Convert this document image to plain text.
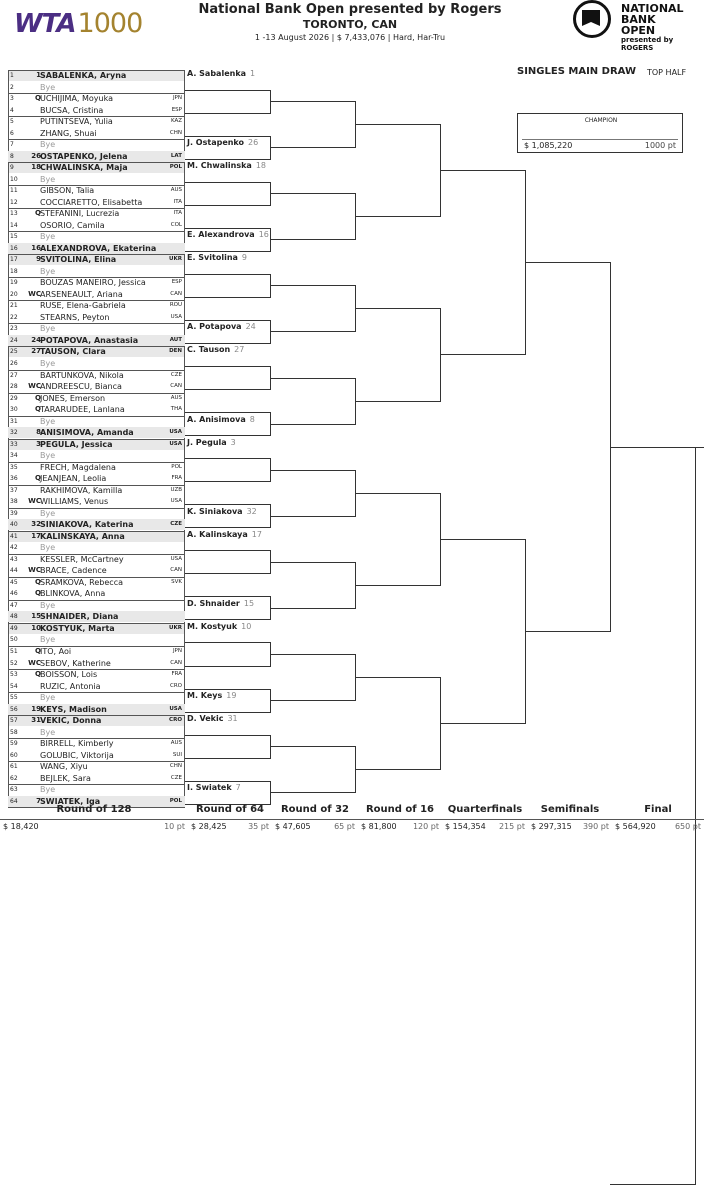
WTA1000	National Bank Open presented by Rogers
TORONTO, CAN
1 -13 August 2026 | $ 7,433,076 | Hard, Har-Tru
NATIONAL
BANK
OPEN
presented by ROGERS
SINGLES MAIN DRAW TOP HALF
CHAMPION
$ 1,085,220	1000 pt
1	1 SABALENKA, Aryna
2	Bye
3	Q UCHIJIMA, Moyuka	JPN
4	BUCSA, Cristina	ESP
5	PUTINTSEVA, Yulia	KAZ
6	ZHANG, Shuai	CHN
7	Bye
8	26 OSTAPENKO, Jelena	LAT
9	18 CHWALINSKA, Maja	POL
10	Bye
11	GIBSON, Talia	AUS
12	COCCIARETTO, Elisabetta	ITA
13	Q STEFANINI, Lucrezia	ITA
14	OSORIO, Camila	COL
15	Bye
16	16 ALEXANDROVA, Ekaterina
17	9 SVITOLINA, Elina	UKR
18	Bye
19	BOUZAS MANEIRO, Jessica	ESP
20	WC ARSENEAULT, Ariana	CAN
21	RUSE, Elena-Gabriela	ROU
22	STEARNS, Peyton	USA
23	Bye
24	24 POTAPOVA, Anastasia	AUT
25	27 TAUSON, Clara	DEN
26	Bye
27	BARTUNKOVA, Nikola	CZE
28	WC ANDREESCU, Bianca	CAN
29	Q JONES, Emerson	AUS
30	Q TARARUDEE, Lanlana	THA
31	Bye
32	8 ANISIMOVA, Amanda	USA
33	3 PEGULA, Jessica	USA
34	Bye
35	FRECH, Magdalena	POL
36	Q JEANJEAN, Leolia	FRA
37	RAKHIMOVA, Kamilla	UZB
38	WC WILLIAMS, Venus	USA
39	Bye
40	32 SINIAKOVA, Katerina	CZE
41	17 KALINSKAYA, Anna
42	Bye
43	KESSLER, McCartney	USA
44	WC BRACE, Cadence	CAN
45	Q SRAMKOVA, Rebecca	SVK
46	Q BLINKOVA, Anna
47	Bye
48	15 SHNAIDER, Diana
49	10 KOSTYUK, Marta	UKR
50	Bye
51	Q ITO, Aoi	JPN
52	WC SEBOV, Katherine	CAN
53	Q BOISSON, Lois	FRA
54	RUZIC, Antonia	CRO
55	Bye
56	19 KEYS, Madison	USA
57	31 VEKIC, Donna	CRO
58	Bye
59	BIRRELL, Kimberly	AUS
60	GOLUBIC, Viktorija	SUI
61	WANG, Xiyu	CHN
62	BEJLEK, Sara	CZE
63	Bye
64	7 SWIATEK, Iga	POL
A. Sabalenka 1
J. Ostapenko 26
M. Chwalinska 18
E. Alexandrova 16
E. Svitolina 9
A. Potapova 24
C. Tauson 27
A. Anisimova 8
J. Pegula 3
K. Siniakova 32
A. Kalinskaya 17
D. Shnaider 15
M. Kostyuk 10
M. Keys 19
D. Vekic 31
I. Swiatek 7
Round of 128
$ 18,420	10 pt
Round of 64
$ 28,425	35 pt
Round of 32
$ 47,605	65 pt
Round of 16
$ 81,800 120 pt
Quarterfinals
$ 154,354 215 pt
Semifinals
$ 297,315 390 pt
Final
$ 564,920 650 pt
